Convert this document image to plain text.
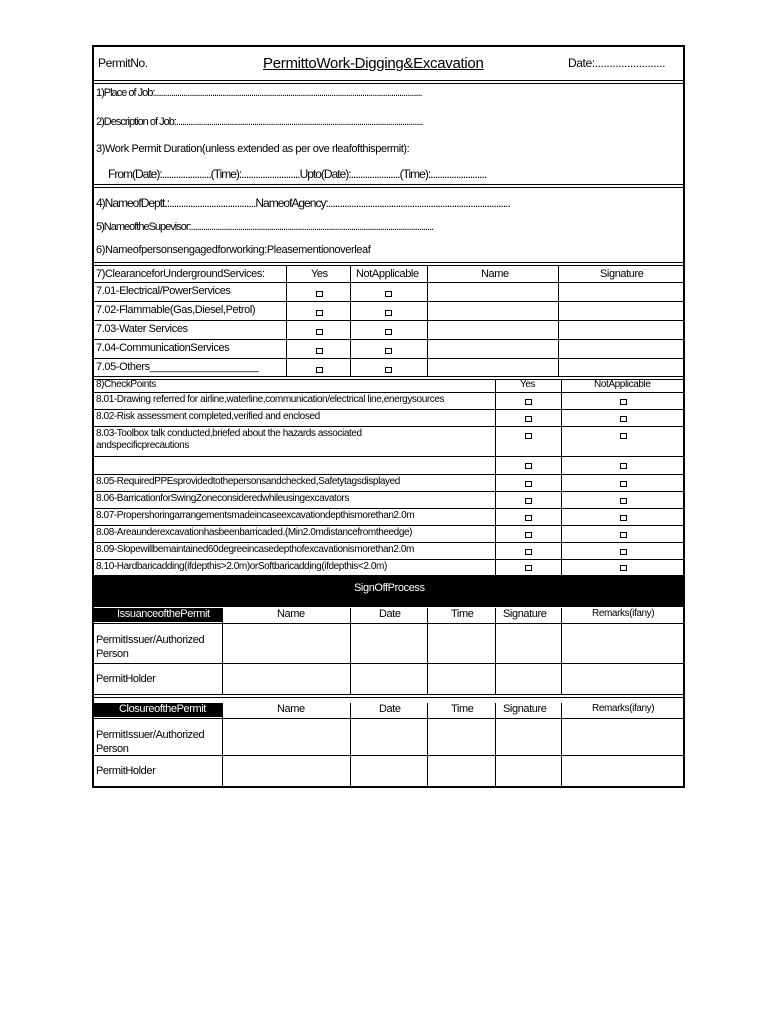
PermitNo.	PermittoWork-Digging&Excavation	Date:........................
1)Place of Job:..................................................................................................................................
2)Description of Job:........................................................................................................................
3)Work Permit Duration(unless extended as per ove rleafofthispermit):
From(Date):.....................(Time):.........................Upto(Date):.....................(Time):........................
4)NameofDeptt.:.....................................NameofAgency:..............................................................................
5)NameoftheSupevisor:......................................................................................................................
6)Nameofpersonsengagedforworking:Pleasementionoverleaf
7)ClearanceforUndergroundServices:	Yes	NotApplicable	Name	Signature
7.01-Electrical/PowerServices
7.02-Flammable(Gas,Diesel,Petrol)
7.03-Water Services
7.04-CommunicationServices
7.05-Others___________________
8)CheckPoints	Yes	NotApplicable
8.01-Drawing referred for airline,waterline,communication/electrical line,energysources
8.02-Risk assessment completed,verified and enclosed
8.03-Toolbox talk conducted,briefed about the hazards associated
andspecificprecautions
8.05-RequiredPPEsprovidedtothepersonsandchecked,Safetytagsdisplayed
8.06-BarricationforSwingZoneconsideredwhileusingexcavators
8.07-Propershoringarrangementsmadeincaseexcavationdepthismorethan2.0m
8.08-Areaunderexcavationhasbeenbarricaded.(Min2.0mdistancefromtheedge)
8.09-Slopewillbemaintained60degreeincasedepthofexcavationismorethan2.0m
8.10-Hardbaricadding(ifdepthis>2.0m)orSoftbaricadding(ifdepthis<2.0m)
SignOffProcess
IssuanceofthePermit	Name	Date	Time	Signature	Remarks(ifany)
PermitIssuer/Authorized
Person
PermitHolder
ClosureofthePermit	Name	Date	Time	Signature	Remarks(ifany)
PermitIssuer/Authorized
Person
PermitHolder
